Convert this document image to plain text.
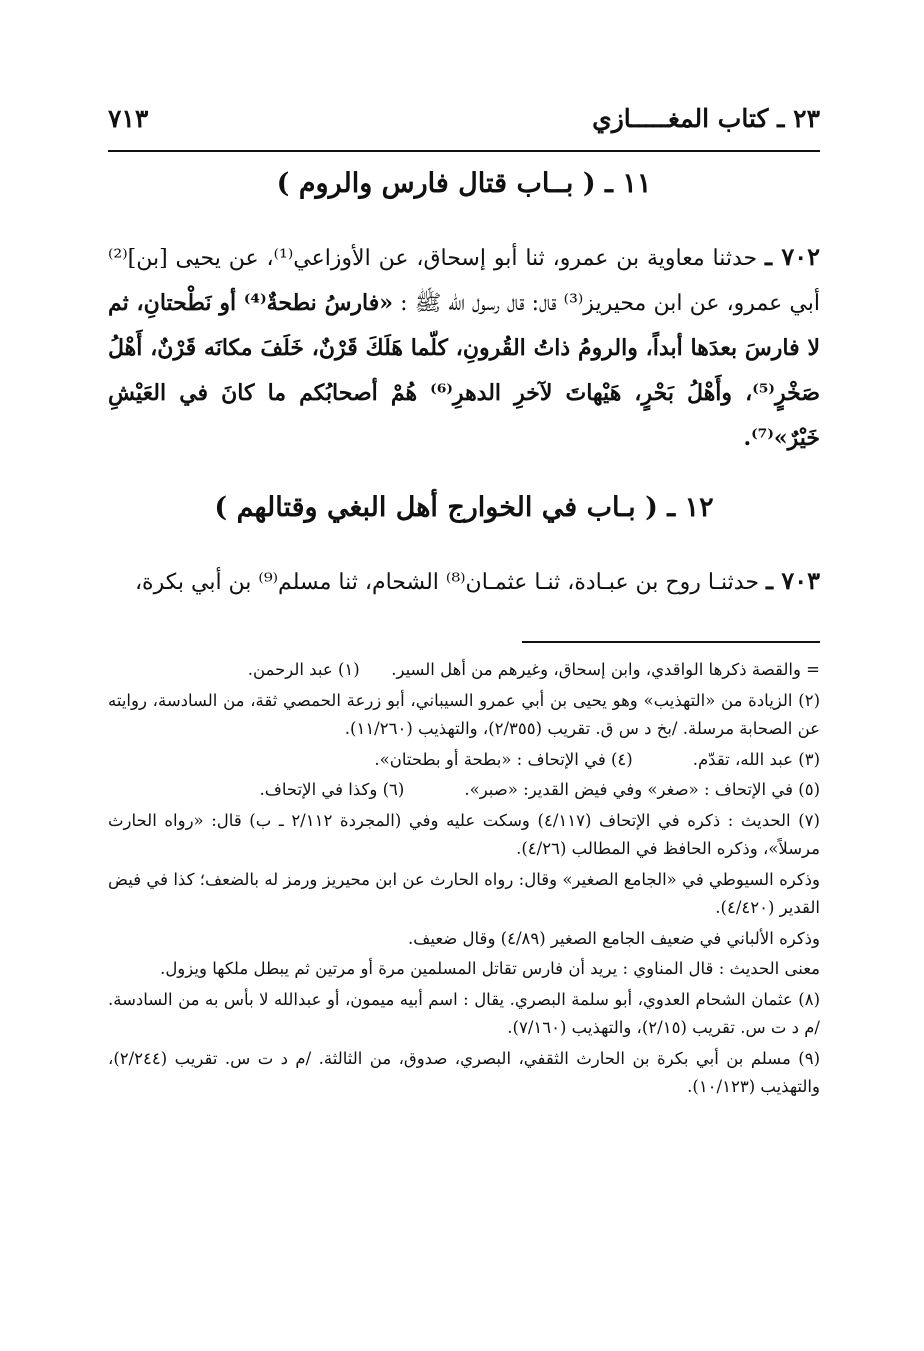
٢٣ ـ كتاب المغـــــازي
٧١٣
١١ ـ ( بــاب قتال فارس والروم )
٧٠٢ ـ حدثنا معاوية بن عمرو، ثنا أبو إسحاق، عن الأوزاعي⁽¹⁾، عن يحيى [بن]⁽²⁾ أبي عمرو، عن ابن محيريز⁽³⁾ قال: قال رسول الله ﷺ : «فارسُ نطحةٌ⁽⁴⁾ أو نَطْحتانِ، ثم لا فارسَ بعدَها أبداً، والرومُ ذاتُ القُرونِ، كلّما هَلَكَ قَرْنٌ، خَلَفَ مكانَه قَرْنٌ، أَهْلُ صَخْرٍ⁽⁵⁾، وأَهْلُ بَحْرٍ، هَيْهاتَ لآخرِ الدهرِ⁽⁶⁾ هُمْ أصحابُكم ما كانَ في العَيْشِ خَيْرٌ»⁽⁷⁾.
١٢ ـ ( بـاب في الخوارج أهل البغي وقتالهم )
٧٠٣ ـ حدثنـا روح بن عبـادة، ثنـا عثمـان⁽⁸⁾ الشحام، ثنا مسلم⁽⁹⁾ بن أبي بكرة،

= والقصة ذكرها الواقدي، وابن إسحاق، وغيرهم من أهل السير.      (١) عبد الرحمن.

(٢) الزيادة من «التهذيب» وهو يحيى بن أبي عمرو السيباني، أبو زرعة الحمصي ثقة، من السادسة، روايته عن الصحابة مرسلة. /بخ د س ق. تقريب (٢/٣٥٥)، والتهذيب (١١/٢٦٠).

(٣) عبد الله، تقدّم.
(٤) في الإتحاف : «بطحة أو بطحتان».

(٥) في الإتحاف : «صغر» وفي فيض القدير: «صبر».
(٦) وكذا في الإتحاف.

(٧) الحديث : ذكره في الإتحاف (٤/١١٧) وسكت عليه وفي (المجردة ٢/١١٢ ـ ب) قال: «رواه الحارث مرسلاً»، وذكره الحافظ في المطالب (٤/٢٦).

وذكره السيوطي في «الجامع الصغير» وقال: رواه الحارث عن ابن محيريز ورمز له بالضعف؛ كذا في فيض القدير (٤/٤٢٠).

وذكره الألباني في ضعيف الجامع الصغير (٤/٨٩) وقال ضعيف.

معنى الحديث : قال المناوي : يريد أن فارس تقاتل المسلمين مرة أو مرتين ثم يبطل ملكها ويزول.

(٨) عثمان الشحام العدوي، أبو سلمة البصري. يقال : اسم أبيه ميمون، أو عبدالله لا بأس به من السادسة. /م د ت س. تقريب (٢/١٥)، والتهذيب (٧/١٦٠).

(٩) مسلم بن أبي بكرة بن الحارث الثقفي، البصري، صدوق، من الثالثة. /م د ت س. تقريب (٢/٢٤٤)، والتهذيب (١٠/١٢٣).
